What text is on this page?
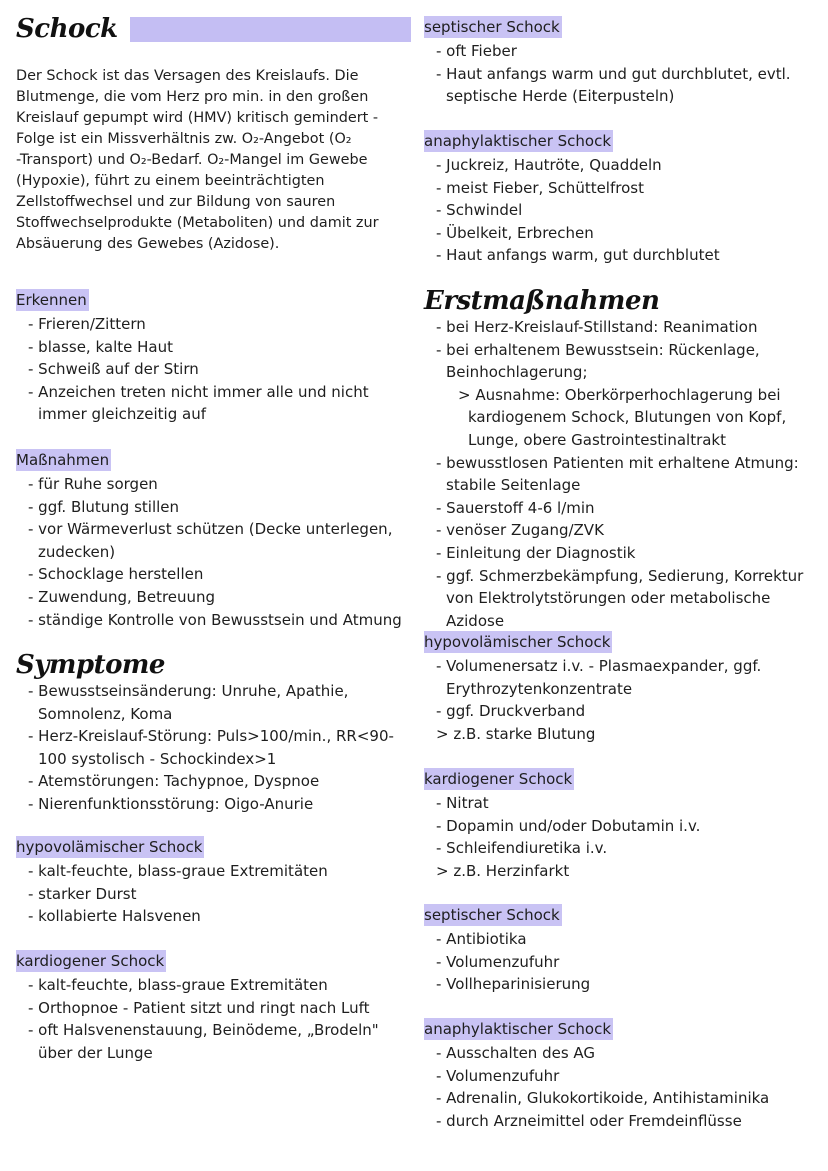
Schock

Der Schock ist das Versagen des Kreislaufs. Die
Blutmenge, die vom Herz pro min. in den großen
Kreislauf gepumpt wird (HMV) kritisch gemindert -
Folge ist ein Missverhältnis zw. O₂-Angebot (O₂
-Transport) und O₂-Bedarf. O₂-Mangel im Gewebe
(Hypoxie), führt zu einem beeinträchtigten
Zellstoffwechsel und zur Bildung von sauren
Stoffwechselprodukte (Metaboliten) und damit zur
Absäuerung des Gewebes (Azidose).

Erkennen
- Frieren/Zittern
- blasse, kalte Haut
- Schweiß auf der Stirn
- Anzeichen treten nicht immer alle und nicht immer gleichzeitig auf
Maßnahmen
- für Ruhe sorgen
- ggf. Blutung stillen
- vor Wärmeverlust schützen (Decke unterlegen, zudecken)
- Schocklage herstellen
- Zuwendung, Betreuung
- ständige Kontrolle von Bewusstsein und Atmung
Symptome
- Bewusstseinsänderung: Unruhe, Apathie, Somnolenz, Koma
- Herz-Kreislauf-Störung: Puls>100/min., RR<90-100 systolisch - Schockindex>1
- Atemstörungen: Tachypnoe, Dyspnoe
- Nierenfunktionsstörung: Oigo-Anurie
hypovolämischer Schock
- kalt-feuchte, blass-graue Extremitäten
- starker Durst
- kollabierte Halsvenen
kardiogener Schock
- kalt-feuchte, blass-graue Extremitäten
- Orthopnoe - Patient sitzt und ringt nach Luft
- oft Halsvenenstauung, Beinödeme, „Brodeln" über der Lunge
septischer Schock
- oft Fieber
- Haut anfangs warm und gut durchblutet, evtl. septische Herde (Eiterpusteln)
anaphylaktischer Schock
- Juckreiz, Hautröte, Quaddeln
- meist Fieber, Schüttelfrost
- Schwindel
- Übelkeit, Erbrechen
- Haut anfangs warm, gut durchblutet
Erstmaßnahmen
- bei Herz-Kreislauf-Stillstand: Reanimation
- bei erhaltenem Bewusstsein: Rückenlage, Beinhochlagerung;
> Ausnahme: Oberkörperhochlagerung bei kardiogenem Schock, Blutungen von Kopf, Lunge, obere Gastrointestinaltrakt
- bewusstlosen Patienten mit erhaltene Atmung: stabile Seitenlage
- Sauerstoff 4-6 l/min
- venöser Zugang/ZVK
- Einleitung der Diagnostik
- ggf. Schmerzbekämpfung, Sedierung, Korrektur von Elektrolytstörungen oder metabolische Azidose
hypovolämischer Schock
- Volumenersatz i.v. - Plasmaexpander, ggf. Erythrozytenkonzentrate
- ggf. Druckverband
> z.B. starke Blutung
kardiogener Schock
- Nitrat
- Dopamin und/oder Dobutamin i.v.
- Schleifendiuretika i.v.
> z.B. Herzinfarkt
septischer Schock
- Antibiotika
- Volumenzufuhr
- Vollheparinisierung
anaphylaktischer Schock
- Ausschalten des AG
- Volumenzufuhr
- Adrenalin, Glukokortikoide, Antihistaminika
- durch Arzneimittel oder Fremdeinflüsse
